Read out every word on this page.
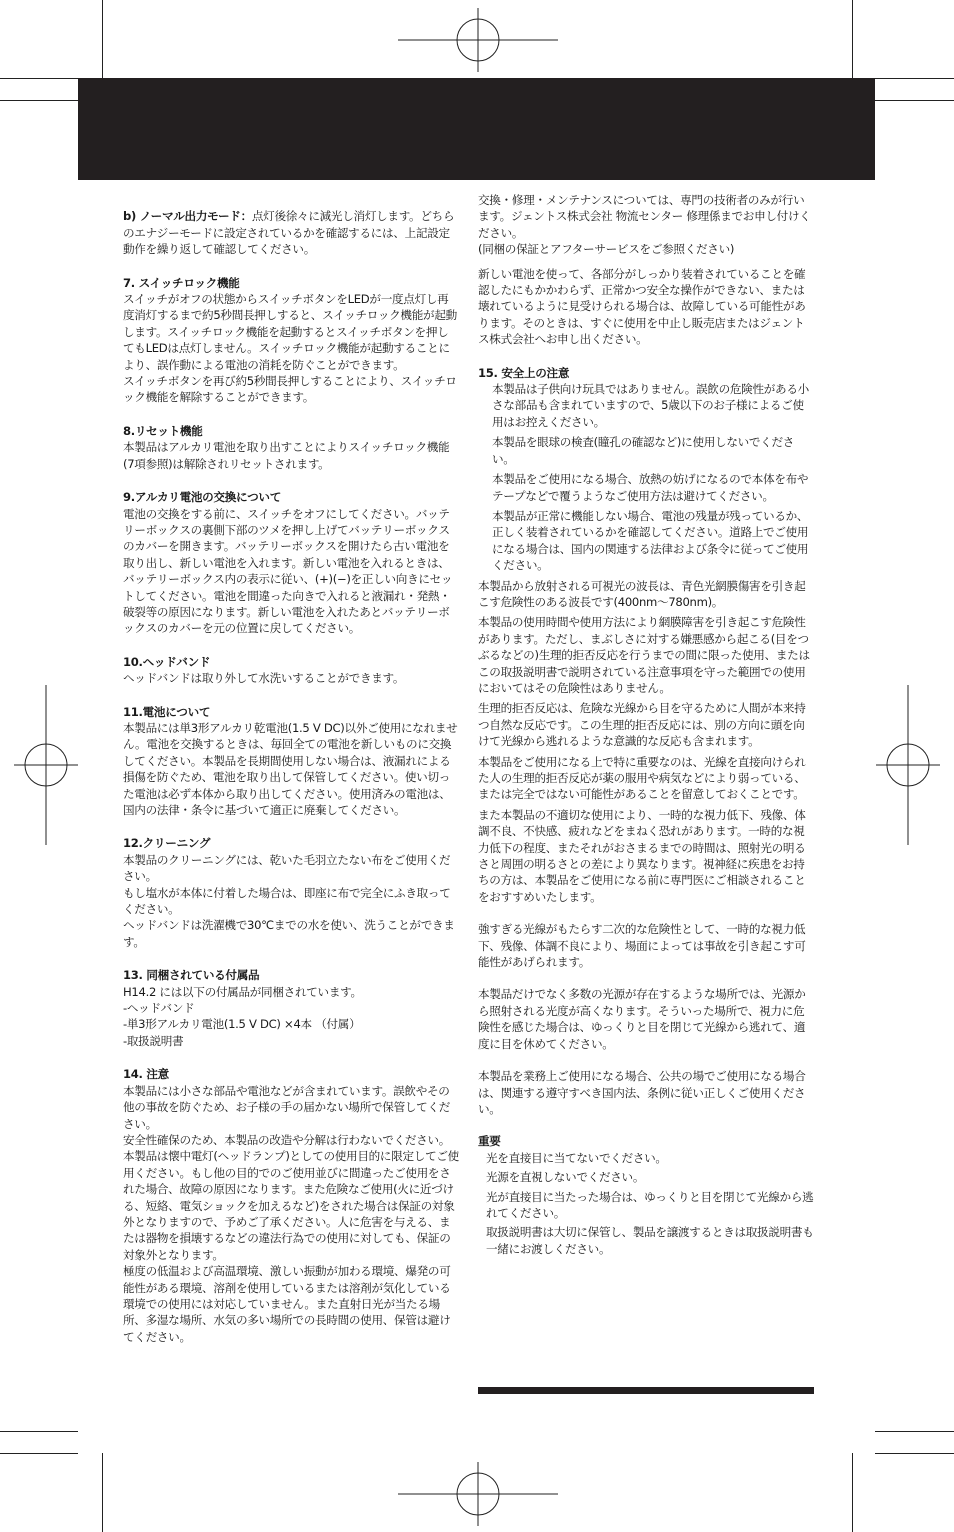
b) ノーマル出力モード：点灯後徐々に減光し消灯します。どちらのエナジーモードに設定されているかを確認するには、上記設定動作を繰り返して確認してください。

7. スイッチロック機能

スイッチがオフの状態からスイッチボタンをLEDが一度点灯し再度消灯するまで約5秒間長押しすると、スイッチロック機能が起動します。スイッチロック機能を起動するとスイッチボタンを押してもLEDは点灯しません。スイッチロック機能が起動することにより、誤作動による電池の消耗を防ぐことができます。
スイッチボタンを再び約5秒間長押しすることにより、スイッチロック機能を解除することができます。

8.リセット機能

本製品はアルカリ電池を取り出すことによりスイッチロック機能(7項参照)は解除されリセットされます。

9.アルカリ電池の交換について

電池の交換をする前に、スイッチをオフにしてください。バッテリーボックスの裏側下部のツメを押し上げてバッテリーボックスのカバーを開きます。バッテリーボックスを開けたら古い電池を取り出し、新しい電池を入れます。新しい電池を入れるときは、バッテリーボックス内の表示に従い、(+)(−)を正しい向きにセットしてください。電池を間違った向きで入れると液漏れ・発熱・破裂等の原因になります。新しい電池を入れたあとバッテリーボックスのカバーを元の位置に戻してください。

10.ヘッドバンド

ヘッドバンドは取り外して水洗いすることができます。

11.電池について

本製品には単3形アルカリ乾電池(1.5 V DC)以外ご使用になれません。電池を交換するときは、毎回全ての電池を新しいものに交換してください。本製品を長期間使用しない場合は、液漏れによる損傷を防ぐため、電池を取り出して保管してください。使い切った電池は必ず本体から取り出してください。使用済みの電池は、国内の法律・条令に基づいて適正に廃棄してください。

12.クリーニング

本製品のクリーニングには、乾いた毛羽立たない布をご使用ください。
もし塩水が本体に付着した場合は、即座に布で完全にふき取ってください。
ヘッドバンドは洗濯機で30℃までの水を使い、洗うことができます。

13. 同梱されている付属品

H14.2 には以下の付属品が同梱されています。
-ヘッドバンド
-単3形アルカリ電池(1.5 V DC) ×4本 （付属）
-取扱説明書

14. 注意

本製品には小さな部品や電池などが含まれています。誤飲やその他の事故を防ぐため、お子様の手の届かない場所で保管してください。
安全性確保のため、本製品の改造や分解は行わないでください。
本製品は懐中電灯(ヘッドランプ)としての使用目的に限定してご使用ください。もし他の目的でのご使用並びに間違ったご使用をされた場合、故障の原因になります。また危険なご使用(火に近づける、短絡、電気ショックを加えるなど)をされた場合は保証の対象外となりますので、予めご了承ください。人に危害を与える、または器物を損壊するなどの違法行為での使用に対しても、保証の対象外となります。
極度の低温および高温環境、激しい振動が加わる環境、爆発の可能性がある環境、溶剤を使用しているまたは溶剤が気化している環境での使用には対応していません。また直射日光が当たる場所、多湿な場所、水気の多い場所での長時間の使用、保管は避けてください。

交換・修理・メンテナンスについては、専門の技術者のみが行います。ジェントス株式会社 物流センター 修理係までお申し付けください。
(同梱の保証とアフターサービスをご参照ください)

新しい電池を使って、各部分がしっかり装着されていることを確認したにもかかわらず、正常かつ安全な操作ができない、または壊れているように見受けられる場合は、故障している可能性があります。そのときは、すぐに使用を中止し販売店またはジェントス株式会社へお申し出ください。

15. 安全上の注意

本製品は子供向け玩具ではありません。誤飲の危険性がある小さな部品も含まれていますので、5歳以下のお子様によるご使用はお控えください。

本製品を眼球の検査(瞳孔の確認など)に使用しないでください。

本製品をご使用になる場合、放熱の妨げになるので本体を布やテープなどで覆うようなご使用方法は避けてください。

本製品が正常に機能しない場合、電池の残量が残っているか、正しく装着されているかを確認してください。道路上でご使用になる場合は、国内の関連する法律および条令に従ってご使用ください。

本製品から放射される可視光の波長は、青色光網膜傷害を引き起こす危険性のある波長です(400nm〜780nm)。

本製品の使用時間や使用方法により網膜障害を引き起こす危険性があります。ただし、まぶしさに対する嫌悪感から起こる(目をつぶるなどの)生理的拒否反応を行うまでの間に限った使用、またはこの取扱説明書で説明されている注意事項を守った範囲での使用においてはその危険性はありません。

生理的拒否反応は、危険な光線から目を守るために人間が本来持つ自然な反応です。この生理的拒否反応には、別の方向に頭を向けて光線から逃れるような意識的な反応も含まれます。

本製品をご使用になる上で特に重要なのは、光線を直接向けられた人の生理的拒否反応が薬の服用や病気などにより弱っている、または完全ではない可能性があることを留意しておくことです。

また本製品の不適切な使用により、一時的な視力低下、残像、体調不良、不快感、疲れなどをまねく恐れがあります。一時的な視力低下の程度、またそれがおさまるまでの時間は、照射光の明るさと周囲の明るさとの差により異なります。視神経に疾患をお持ちの方は、本製品をご使用になる前に専門医にご相談されることをおすすめいたします。

強すぎる光線がもたらす二次的な危険性として、一時的な視力低下、残像、体調不良により、場面によっては事故を引き起こす可能性があげられます。

本製品だけでなく多数の光源が存在するような場所では、光源から照射される光度が高くなります。そういった場所で、視力に危険性を感じた場合は、ゆっくりと目を閉じて光線から逃れて、適度に目を休めてください。

本製品を業務上ご使用になる場合、公共の場でご使用になる場合は、関連する遵守すべき国内法、条例に従い正しくご使用ください。

重要

光を直接目に当てないでください。

光源を直視しないでください。

光が直接目に当たった場合は、ゆっくりと目を閉じて光線から逃れてください。

取扱説明書は大切に保管し、製品を譲渡するときは取扱説明書も一緒にお渡しください。
